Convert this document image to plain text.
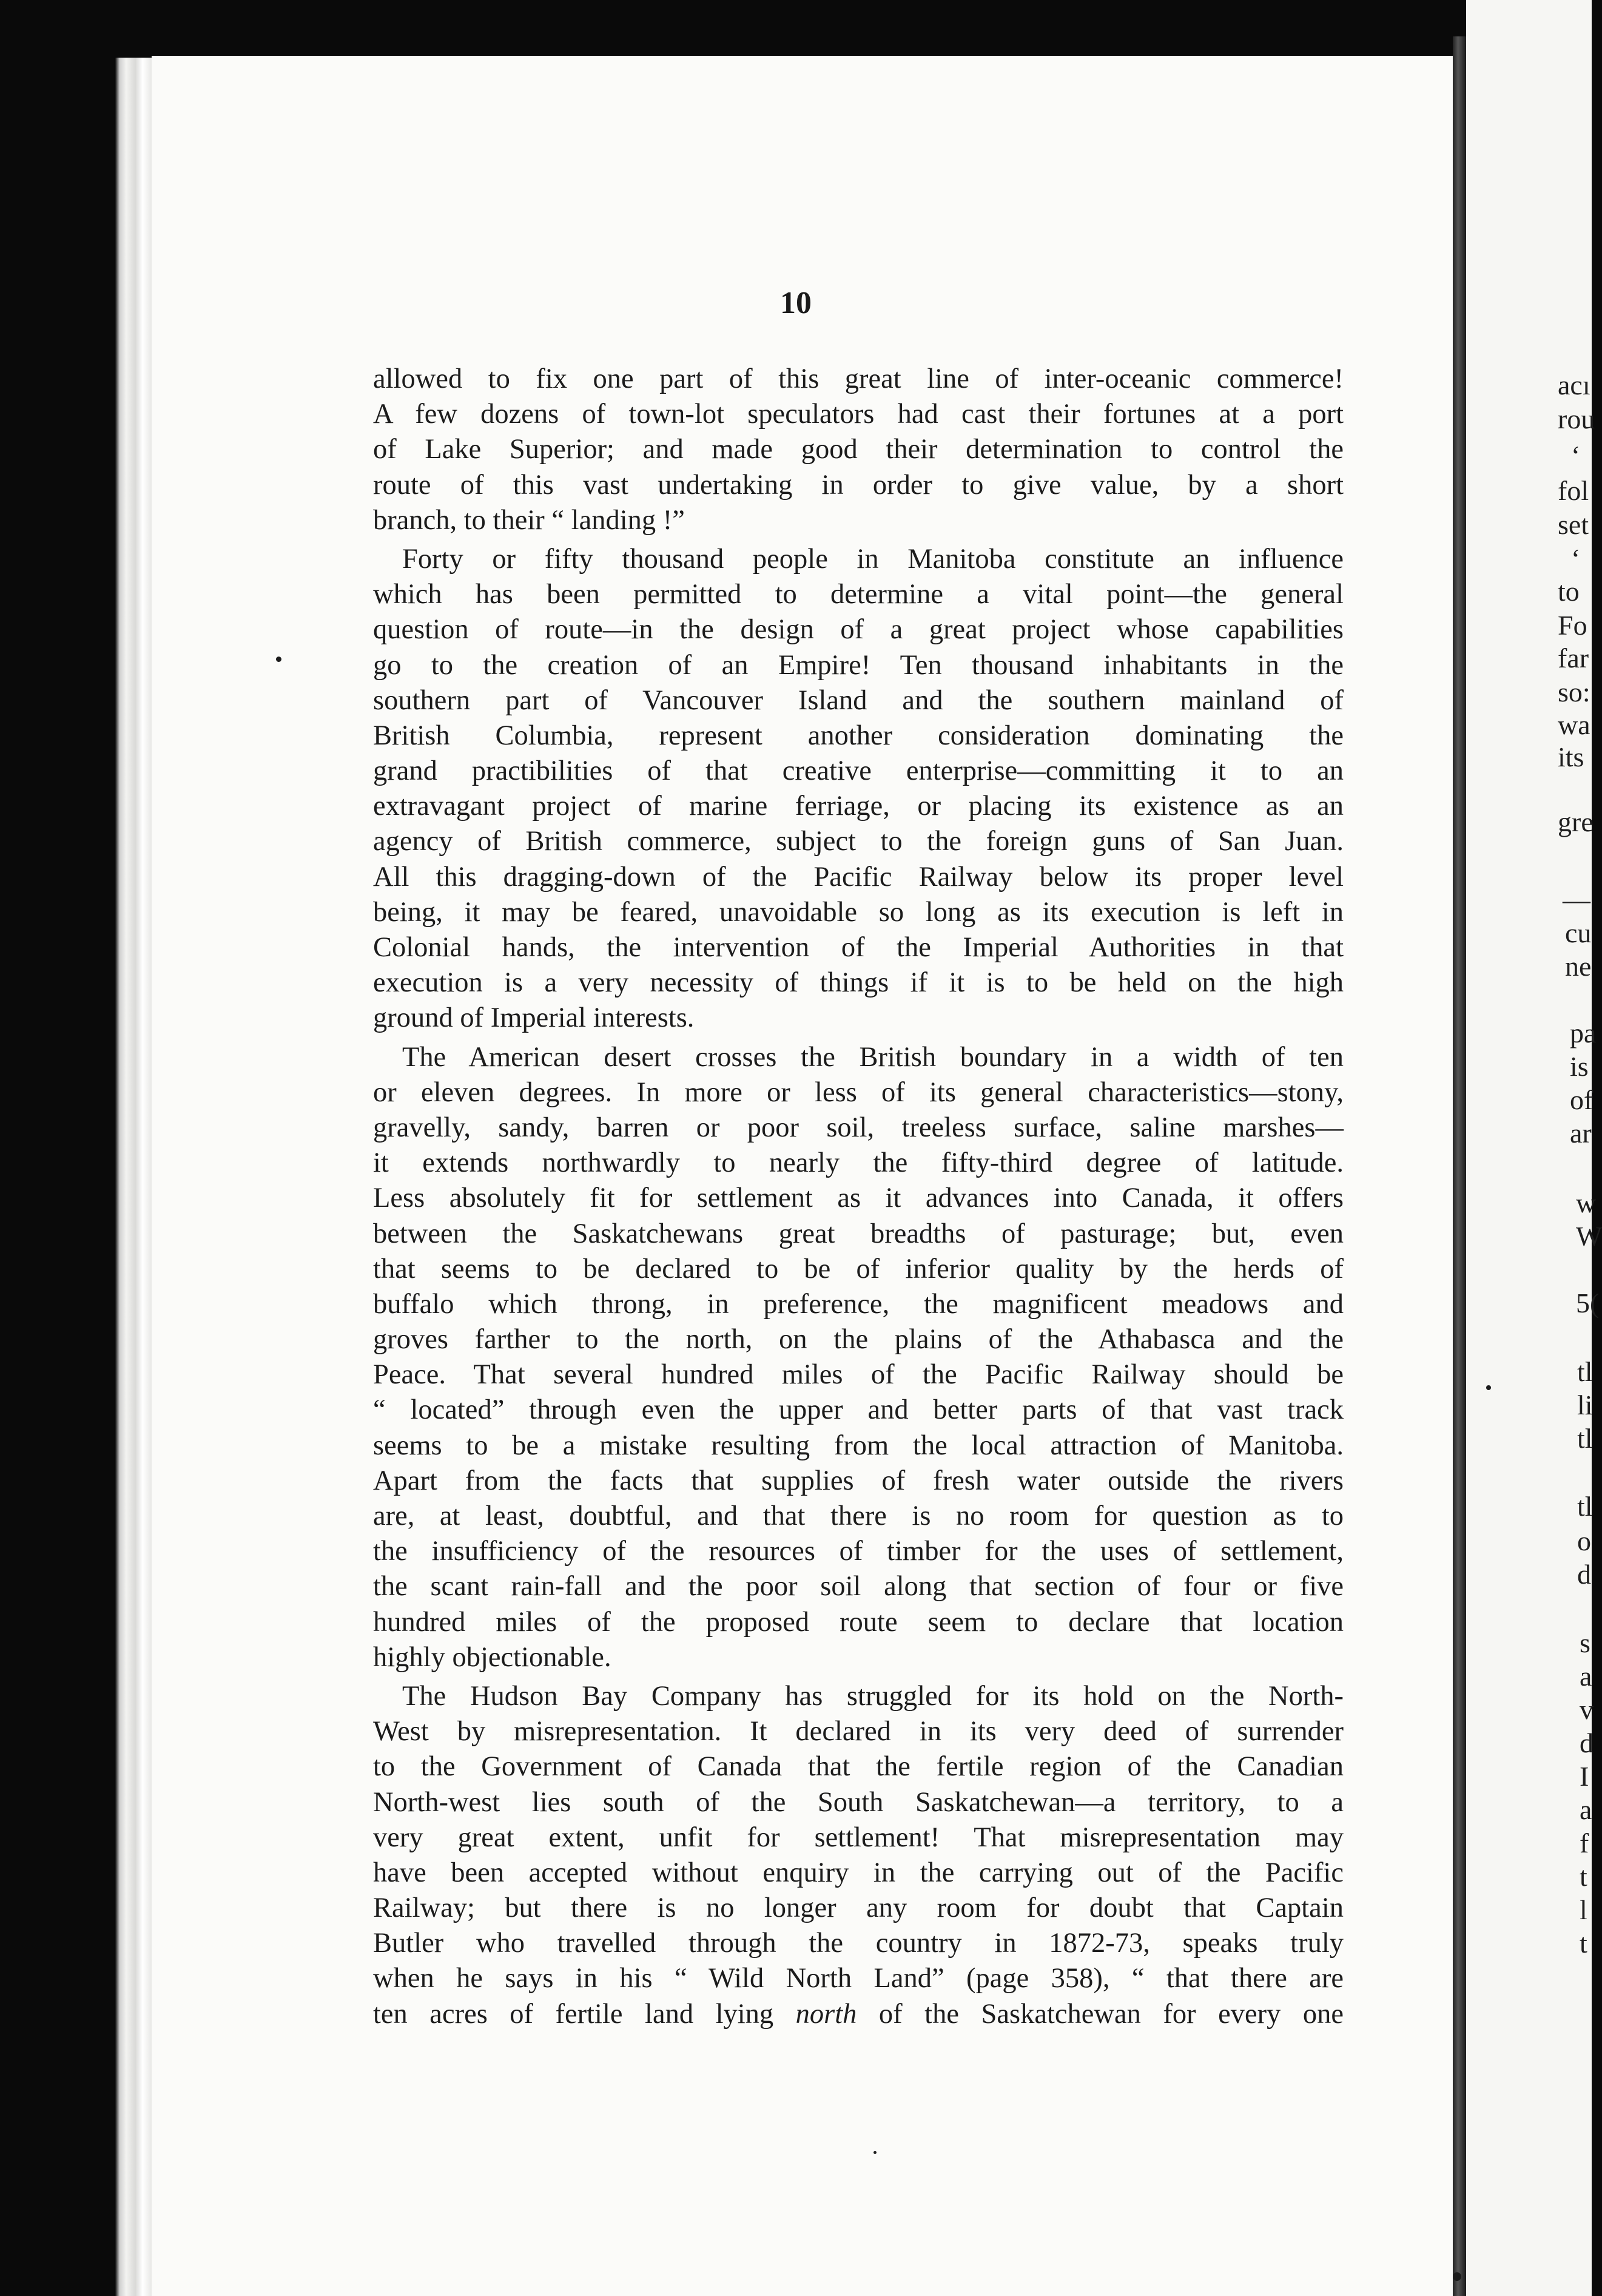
10
allowed to fix one part of this great line of inter-oceanic commerce!
A few dozens of town-lot speculators had cast their fortunes at a port
of Lake Superior; and made good their determination to control the
route of this vast undertaking in order to give value, by a short
branch, to their “ landing !”
Forty or fifty thousand people in Manitoba constitute an influence
which has been permitted to determine a vital point—the general
question of route—in the design of a great project whose capabilities
go to the creation of an Empire! Ten thousand inhabitants in the
southern part of Vancouver Island and the southern mainland of
British Columbia, represent another consideration dominating the
grand practibilities of that creative enterprise—committing it to an
extravagant project of marine ferriage, or placing its existence as an
agency of British commerce, subject to the foreign guns of San Juan.
All this dragging-down of the Pacific Railway below its proper level
being, it may be feared, unavoidable so long as its execution is left in
Colonial hands, the intervention of the Imperial Authorities in that
execution is a very necessity of things if it is to be held on the high
ground of Imperial interests.
The American desert crosses the British boundary in a width of ten
or eleven degrees. In more or less of its general characteristics—stony,
gravelly, sandy, barren or poor soil, treeless surface, saline marshes—
it extends northwardly to nearly the fifty-third degree of latitude.
Less absolutely fit for settlement as it advances into Canada, it offers
between the Saskatchewans great breadths of pasturage; but, even
that seems to be declared to be of inferior quality by the herds of
buffalo which throng, in preference, the magnificent meadows and
groves farther to the north, on the plains of the Athabasca and the
Peace. That several hundred miles of the Pacific Railway should be
“ located” through even the upper and better parts of that vast track
seems to be a mistake resulting from the local attraction of Manitoba.
Apart from the facts that supplies of fresh water outside the rivers
are, at least, doubtful, and that there is no room for question as to
the insufficiency of the resources of timber for the uses of settlement,
the scant rain-fall and the poor soil along that section of four or five
hundred miles of the proposed route seem to declare that location
highly objectionable.
The Hudson Bay Company has struggled for its hold on the North-
West by misrepresentation. It declared in its very deed of surrender
to the Government of Canada that the fertile region of the Canadian
North-west lies south of the South Saskatchewan—a territory, to a
very great extent, unfit for settlement! That misrepresentation may
have been accepted without enquiry in the carrying out of the Pacific
Railway; but there is no longer any room for doubt that Captain
Butler who travelled through the country in 1872-73, speaks truly
when he says in his “ Wild North Land” (page 358), “ that there are
ten acres of fertile land lying north of the Saskatchewan for every one
acı
rou
‘
fol
set
‘
to
Fo
far
so:
wa
its
gre
—
cu
ne
pa
is
of
ar
w
W
5(
tl
li
tl
tl
o
d
s
a
v
d
I
a
f
t
l
t
